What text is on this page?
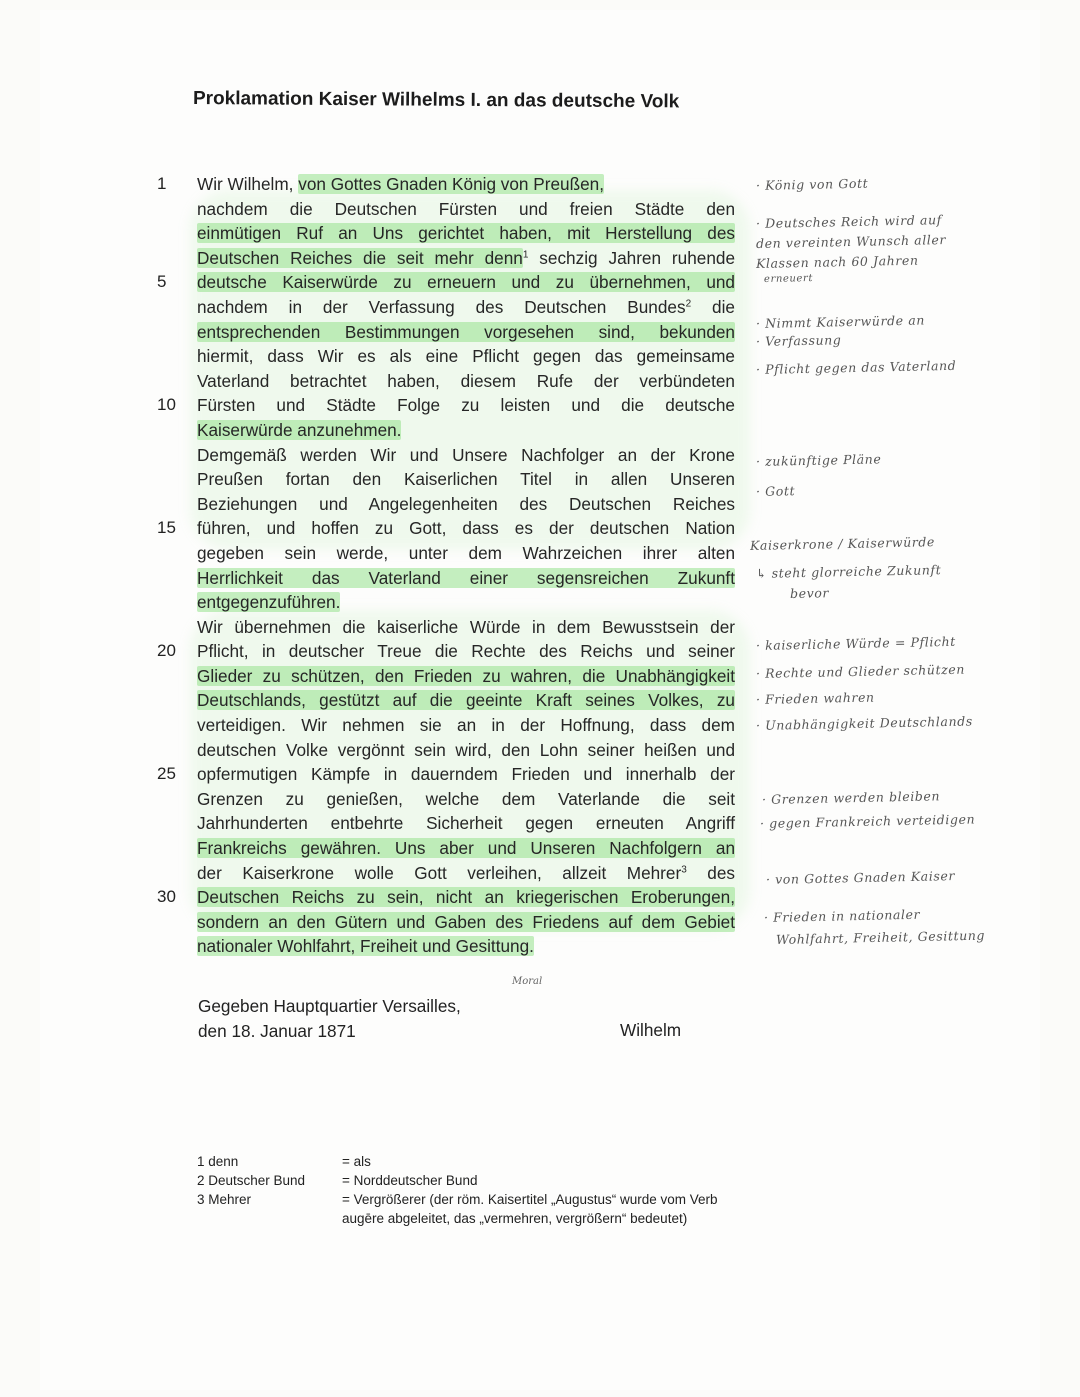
Proklamation Kaiser Wilhelms I. an das deutsche Volk
1	Wir Wilhelm, von Gottes Gnaden König von Preußen,
nachdem die Deutschen Fürsten und freien Städte den
einmütigen Ruf an Uns gerichtet haben, mit Herstellung des
Deutschen Reiches die seit mehr denn$^1$ sechzig Jahren ruhende
5	deutsche Kaiserwürde zu erneuern und zu übernehmen, und
nachdem in der Verfassung des Deutschen Bundes$^2$ die
entsprechenden Bestimmungen vorgesehen sind, bekunden
hiermit, dass Wir es als eine Pflicht gegen das gemeinsame
Vaterland betrachtet haben, diesem Rufe der verbündeten
10 Fürsten und Städte Folge zu leisten und die deutsche
Kaiserwürde anzunehmen.
Demgemäß werden Wir und Unsere Nachfolger an der Krone
Preußen fortan den Kaiserlichen Titel in allen Unseren
Beziehungen und Angelegenheiten des Deutschen Reiches
15 führen, und hoffen zu Gott, dass es der deutschen Nation
gegeben sein werde, unter dem Wahrzeichen ihrer alten
Herrlichkeit das Vaterland einer segensreichen Zukunft
entgegenzuführen.
Wir übernehmen die kaiserliche Würde in dem Bewusstsein der
20 Pflicht, in deutscher Treue die Rechte des Reichs und seiner
Glieder zu schützen, den Frieden zu wahren, die Unabhängigkeit
Deutschlands, gestützt auf die geeinte Kraft seines Volkes, zu
verteidigen. Wir nehmen sie an in der Hoffnung, dass dem
deutschen Volke vergönnt sein wird, den Lohn seiner heißen und
25 opfermutigen Kämpfe in dauerndem Frieden und innerhalb der
Grenzen zu genießen, welche dem Vaterlande die seit
Jahrhunderten entbehrte Sicherheit gegen erneuten Angriff
Frankreichs gewähren. Uns aber und Unseren Nachfolgern an
der Kaiserkrone wolle Gott verleihen, allzeit Mehrer$^3$ des
30 Deutschen Reichs zu sein, nicht an kriegerischen Eroberungen,
sondern an den Gütern und Gaben des Friedens auf dem Gebiet
nationaler Wohlfahrt, Freiheit und Gesittung.
Gegeben Hauptquartier Versailles,
den 18. Januar 1871	Wilhelm
1 denn	= als
2 Deutscher Bund	= Norddeutscher Bund
3 Mehrer	= Vergrößerer (der röm. Kaisertitel „Augustus“ wurde vom Verb augēre abgeleitet, das „vermehren, vergrößern“ bedeutet)
· König von Gott
· Deutsches Reich wird auf
den vereinten Wunsch aller
Klassen nach 60 Jahren
erneuert
· Nimmt Kaiserwürde an
· Verfassung
· Pflicht gegen das Vaterland
· zukünftige Pläne
· Gott
Kaiserkrone / Kaiserwürde
↳ steht glorreiche Zukunft
bevor
· kaiserliche Würde = Pflicht
· Rechte und Glieder schützen
· Frieden wahren
· Unabhängigkeit Deutschlands
· Grenzen werden bleiben
· gegen Frankreich verteidigen
· von Gottes Gnaden Kaiser
· Frieden in nationaler
Wohlfahrt, Freiheit, Gesittung
Moral
